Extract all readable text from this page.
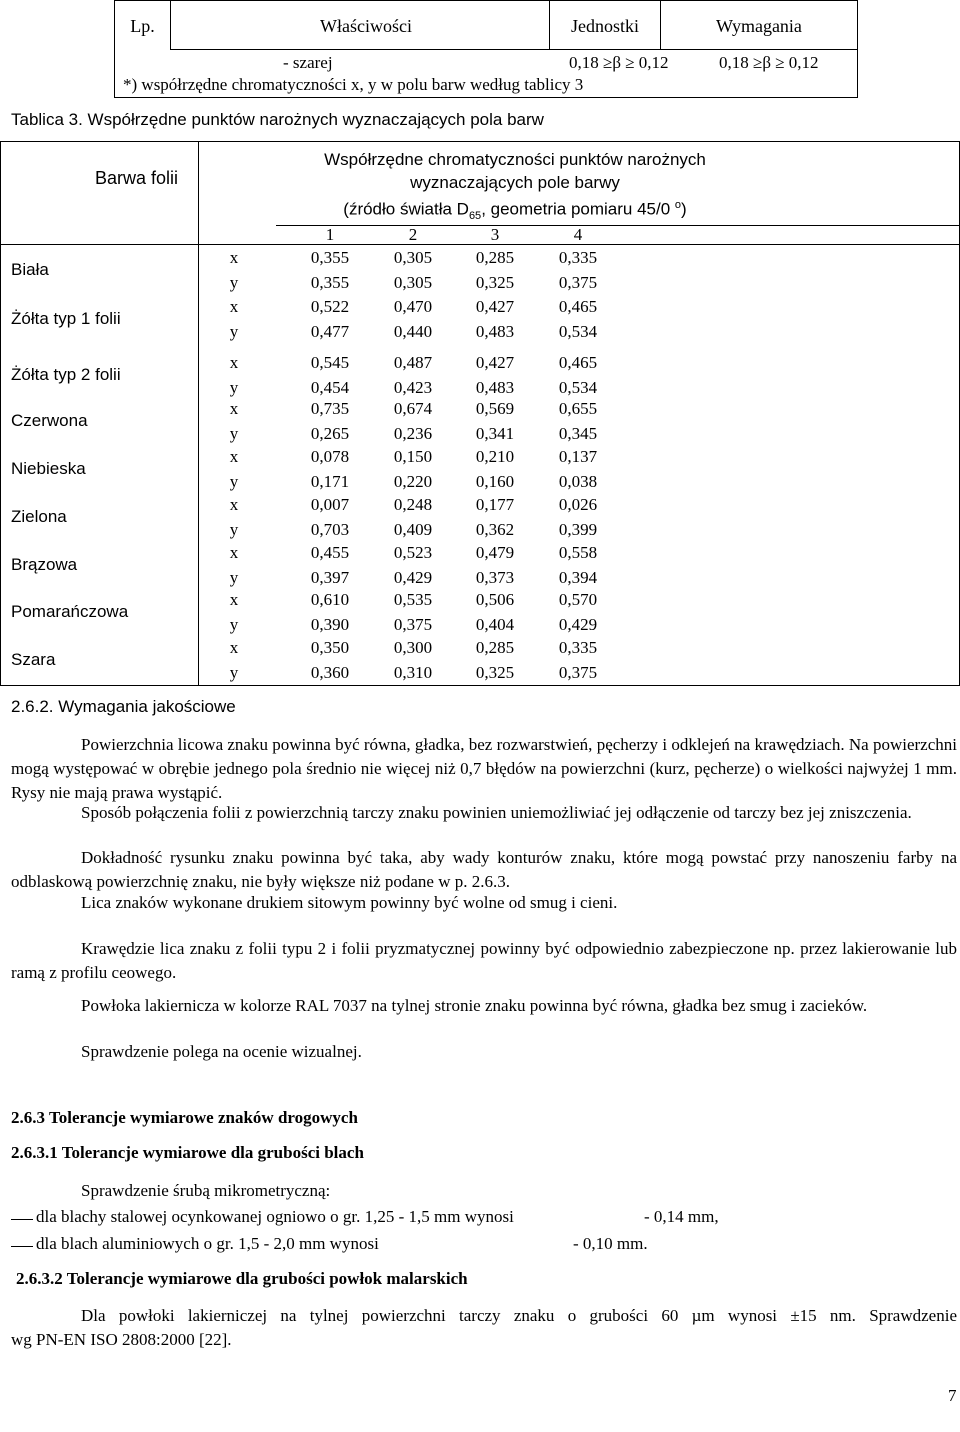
Lp.	Właściwości	Jednostki	Wymagania
- szarej	0,18 ≥β ≥ 0,12	0,18 ≥β ≥ 0,12
*) współrzędne chromatyczności x, y w polu barw według tablicy 3
Tablica 3. Współrzędne punktów narożnych wyznaczających pola barw
Barwa folii
Współrzędne chromatyczności punktów narożnych
wyznaczających pole barwy
(źródło światła $D_{65}$, geometria pomiaru 45/0 $^o$)
1	2	3	4
Biała
x	0,355	0,305	0,285	0,335
y	0,355	0,305	0,325	0,375
Żółta typ 1 folii
x	0,522	0,470	0,427	0,465
y	0,477	0,440	0,483	0,534
Żółta typ 2 folii
x	0,545	0,487	0,427	0,465
y	0,454	0,423	0,483	0,534
Czerwona
x	0,735	0,674	0,569	0,655
y	0,265	0,236	0,341	0,345
Niebieska
x	0,078	0,150	0,210	0,137
y	0,171	0,220	0,160	0,038
Zielona
x	0,007	0,248	0,177	0,026
y	0,703	0,409	0,362	0,399
Brązowa
x	0,455	0,523	0,479	0,558
y	0,397	0,429	0,373	0,394
Pomarańczowa
x	0,610	0,535	0,506	0,570
y	0,390	0,375	0,404	0,429
Szara
x	0,350	0,300	0,285	0,335
y	0,360	0,310	0,325	0,375
2.6.2. Wymagania jakościowe
Powierzchnia licowa znaku powinna być równa, gładka, bez rozwarstwień, pęcherzy i odklejeń na krawędziach. Na powierzchni mogą występować w obrębie jednego pola średnio nie więcej niż 0,7 błędów na powierzchni (kurz, pęcherze) o wielkości najwyżej 1 mm. Rysy nie mają prawa wystąpić.
Sposób połączenia folii z powierzchnią tarczy znaku powinien uniemożliwiać jej odłączenie od tarczy bez jej zniszczenia.
Dokładność rysunku znaku powinna być taka, aby wady konturów znaku, które mogą powstać przy nanoszeniu farby na odblaskową powierzchnię znaku, nie były większe niż podane w p. 2.6.3.
Lica znaków wykonane drukiem sitowym powinny być wolne od smug i cieni.
Krawędzie lica znaku z folii typu 2 i folii pryzmatycznej powinny być odpowiednio zabezpieczone np. przez lakierowanie lub ramą z profilu ceowego.
Powłoka lakiernicza w kolorze RAL 7037 na tylnej stronie znaku powinna być równa, gładka bez smug i zacieków.
Sprawdzenie polega na ocenie wizualnej.
2.6.3 Tolerancje wymiarowe znaków drogowych
2.6.3.1 Tolerancje wymiarowe dla grubości blach
Sprawdzenie śrubą mikrometryczną:
dla blachy stalowej ocynkowanej ogniowo o gr. 1,25 - 1,5 mm wynosi	- 0,14 mm,
dla blach aluminiowych o gr. 1,5 - 2,0 mm wynosi	- 0,10 mm.
2.6.3.2 Tolerancje wymiarowe dla grubości powłok malarskich
Dla powłoki lakierniczej na tylnej powierzchni tarczy znaku o grubości 60 µm wynosi ±15 nm. Sprawdzenie
wg PN-EN ISO 2808:2000 [22].
7
